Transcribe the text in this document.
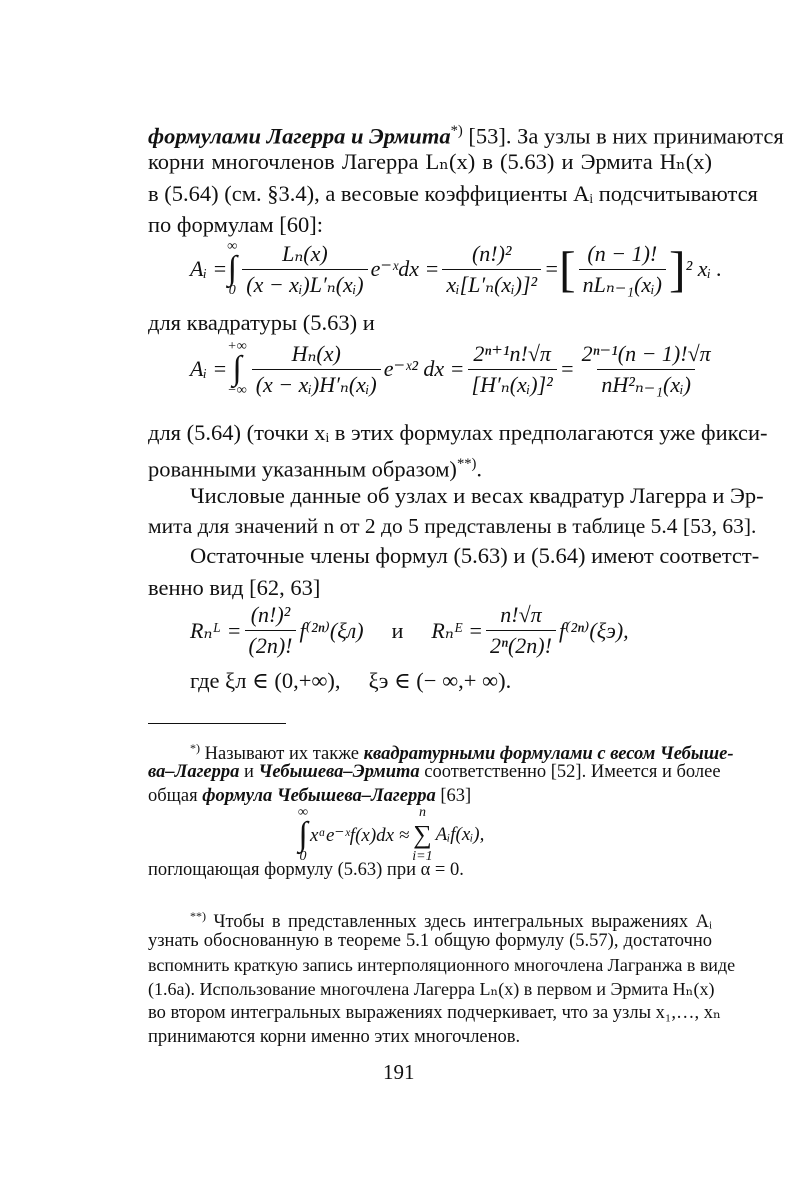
формулами Лагерра и Эрмита*) [53]. За узлы в них принимаются
корни многочленов Лагерра Lₙ(x) в (5.63) и Эрмита Hₙ(x)
в (5.64) (см. §3.4), а весовые коэффициенты Aᵢ подсчитываются
по формулам [60]:
Aᵢ =
∞
∫
$0 \frac{\text{Lₙ(x)}}{\text{(x − xᵢ)L′ₙ(xᵢ)}}$ e⁻ˣdx = $\frac{\text{(n!)²}}{\text{xᵢ[L′ₙ(xᵢ)]²}}$ = [ $\frac{(n - 1)!}{\text{nLₙ₋₁(xᵢ)}}$ ] ² xᵢ .
для квадратуры (5.63) и
Aᵢ =
+∞
∫
−∞ $\frac{\text{Hₙ(x)}}{\text{(x − xᵢ)H′ₙ(xᵢ)}}$ e⁻ˣ² dx = $\frac{\text{2ⁿ⁺¹n!√π}}{\text{[H′ₙ(xᵢ)]²}} = \frac{\text{2ⁿ⁻¹(n − 1)!√π}}{\text{nH²ₙ₋₁(xᵢ)}}$
для (5.64) (точки xᵢ в этих формулах предполагаются уже фикси-
рованными указанным образом)**).
Числовые данные об узлах и весах квадратур Лагерра и Эр-
мита для значений n от 2 до 5 представлены в таблице 5.4 [53, 63].
Остаточные члены формул (5.63) и (5.64) имеют соответст-
венно вид [62, 63]
Rₙᴸ = $\frac{\text{(n!)²}}{(2n)!} f^{(2n)}(\xi л)$ и Rₙᴱ = $\frac{n!√\pi}{\text{2ⁿ(2n)!}} f^{(2n)}(\xi э)$,
где ξл ∈ (0,+∞),     ξэ ∈ (− ∞,+ ∞).
*) Называют их также квадратурными формулами с весом Чебыше-
ва–Лагерра и Чебышева–Эрмита соответственно [52]. Имеется и более
общая формула Чебышева–Лагерра [63]
∞
∫
0
xᵅe⁻ˣf(x)dx ≈
n
∑
i=1
Aᵢf(xᵢ),
поглощающая формулу (5.63) при α = 0.
**) Чтобы в представленных здесь интегральных выражениях Aᵢ
узнать обоснованную в теореме 5.1 общую формулу (5.57), достаточно
вспомнить краткую запись интерполяционного многочлена Лагранжа в виде
(1.6a). Использование многочлена Лагерра Lₙ(x) в первом и Эрмита Hₙ(x)
во втором интегральных выражениях подчеркивает, что за узлы x₁,…, xₙ
принимаются корни именно этих многочленов.
191
